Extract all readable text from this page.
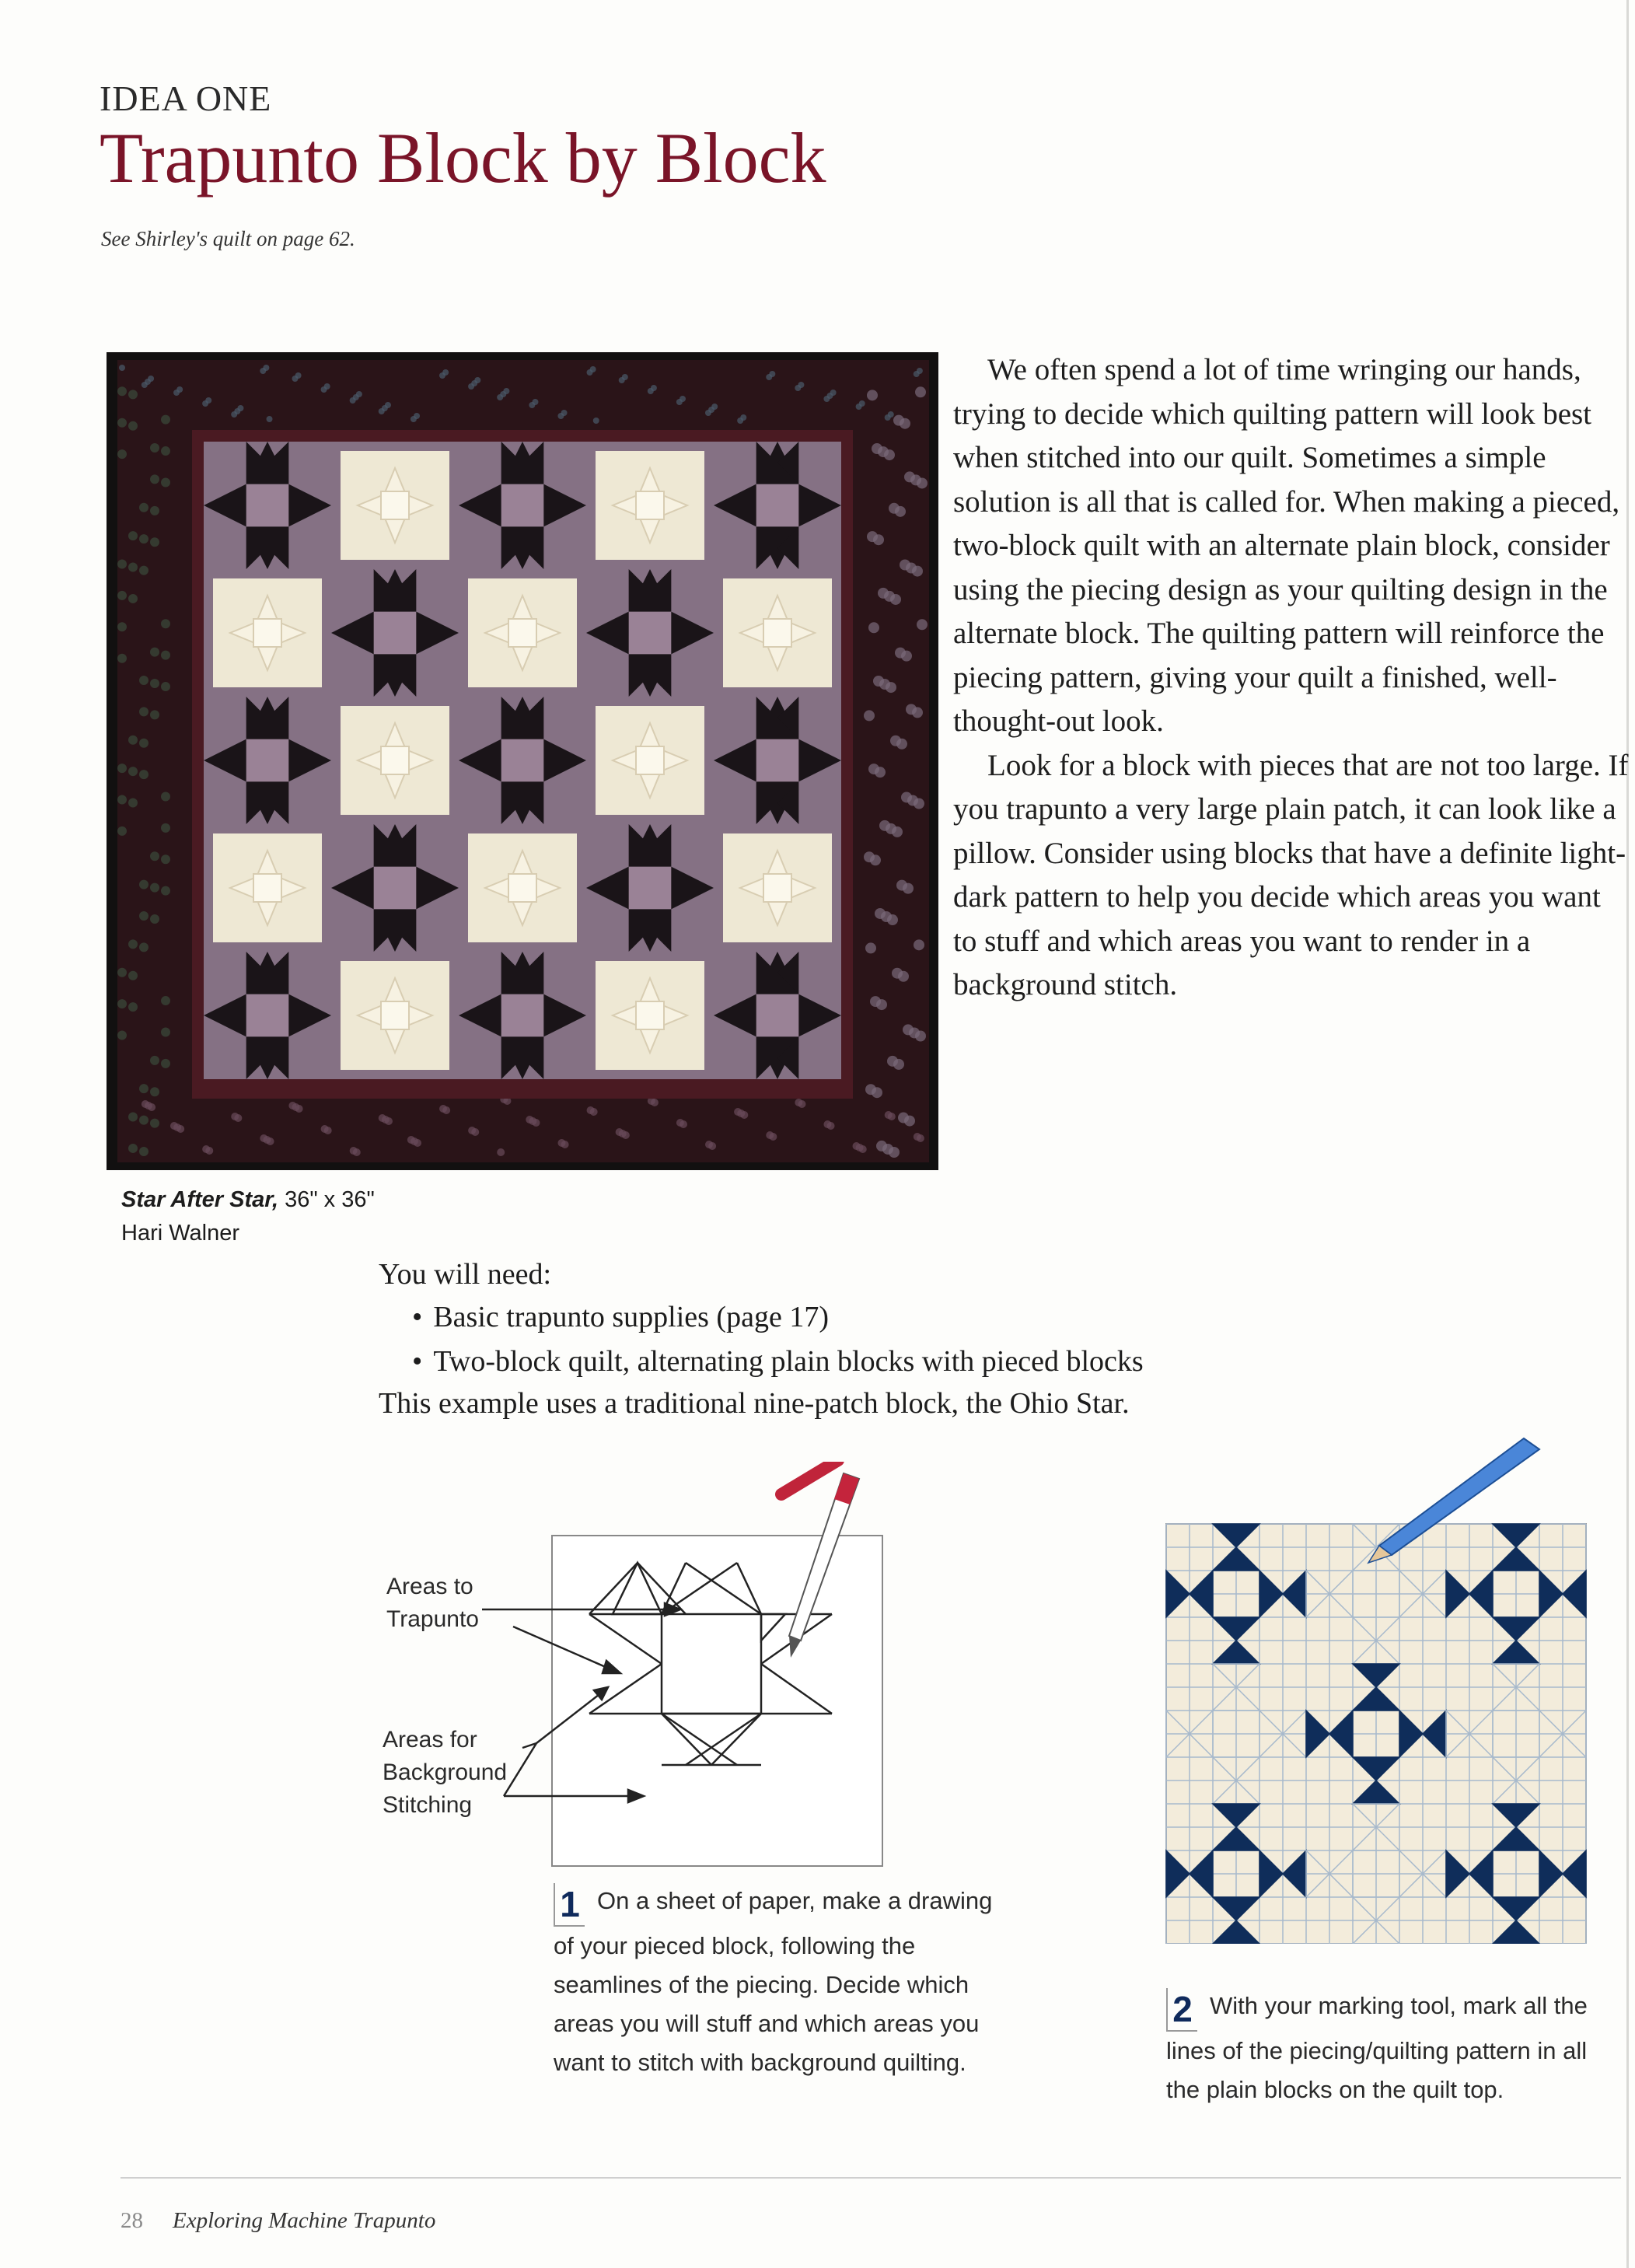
IDEA ONE
Trapunto Block by Block
See Shirley's quilt on page 62.

We often spend a lot of time wringing our hands, trying to decide which quilting pattern will look best when stitched into our quilt. Sometimes a simple solution is all that is called for. When making a pieced, two-block quilt with an alternate plain block, consider using the piecing design as your quilting design in the alternate block. The quilting pattern will reinforce the piecing pattern, giving your quilt a finished, well-thought-out look.

Look for a block with pieces that are not too large. If you trapunto a very large plain patch, it can look like a pillow. Consider using blocks that have a definite light-dark pattern to help you decide which areas you want to stuff and which areas you want to render in a background stitch.

Star After Star, 36" x 36"
Hari Walner
You will need:
• Basic trapunto supplies (page 17)
• Two-block quilt, alternating plain blocks with pieced blocks
This example uses a traditional nine-patch block, the Ohio Star.
Areas to
Trapunto
Areas for
Background
Stitching
1 On a sheet of paper, make a drawing of your pieced block, following the seamlines of the piecing. Decide which areas you will stuff and which areas you want to stitch with background quilting.
2 With your marking tool, mark all the lines of the piecing/quilting pattern in all the plain blocks on the quilt top.
28 Exploring Machine Trapunto
